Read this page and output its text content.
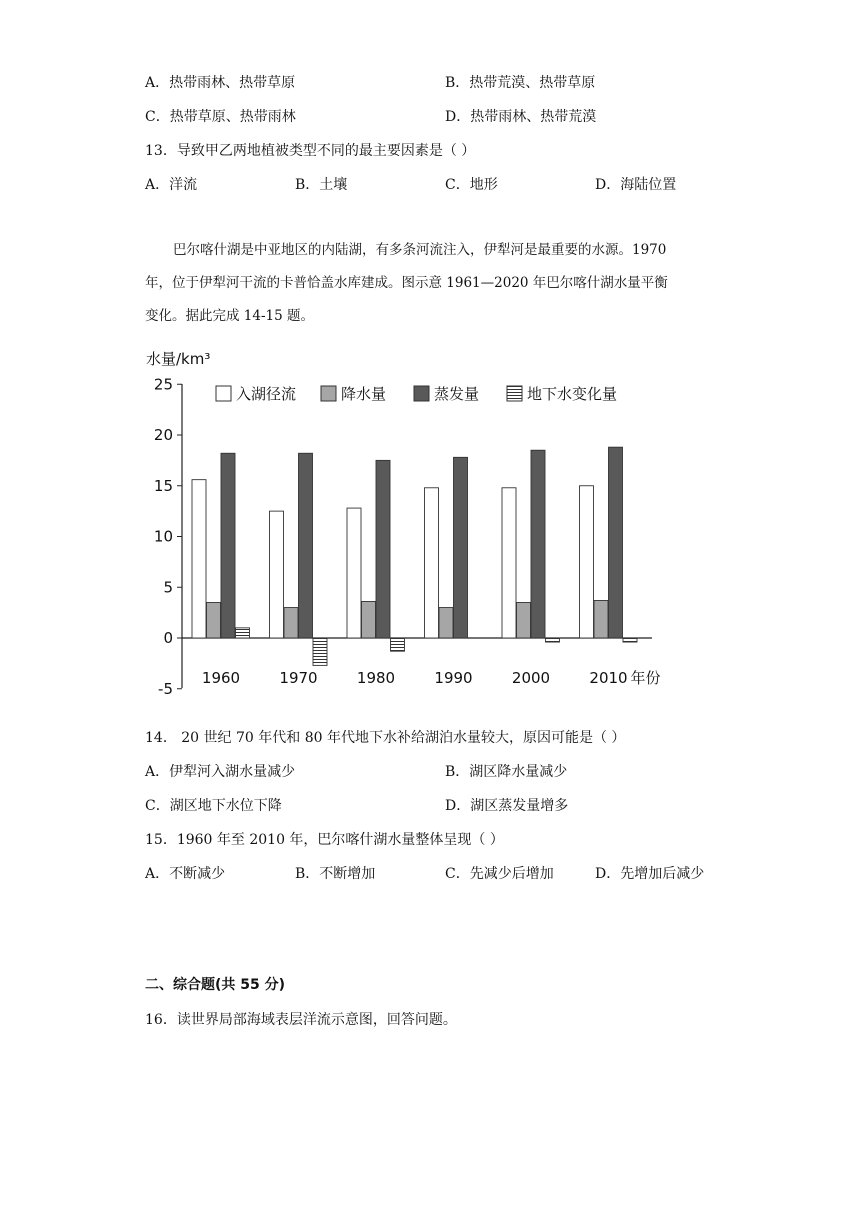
A．热带雨林、热带草原	B．热带荒漠、热带草原
C．热带草原、热带雨林	D．热带雨林、热带荒漠
13．导致甲乙两地植被类型不同的最主要因素是（ ）
A．洋流	B．土壤	C．地形	D．海陆位置
巴尔喀什湖是中亚地区的内陆湖，有多条河流注入，伊犁河是最重要的水源。1970
年，位于伊犁河干流的卡普恰盖水库建成。图示意 1961—2020 年巴尔喀什湖水量平衡
变化。据此完成 14-15 题。
水量/km³
-5
0
5
10
15
20
25
1960	1970	1980	1990	2000	2010 年份
入湖径流	降水量	蒸发量	地下水变化量
14． 20 世纪 70 年代和 80 年代地下水补给湖泊水量较大，原因可能是（ ）
A．伊犁河入湖水量减少	B．湖区降水量减少
C．湖区地下水位下降	D．湖区蒸发量增多
15．1960 年至 2010 年，巴尔喀什湖水量整体呈现（ ）
A．不断减少	B．不断增加	C．先减少后增加	D．先增加后减少
二、综合题(共 55 分)
16．读世界局部海域表层洋流示意图，回答问题。
